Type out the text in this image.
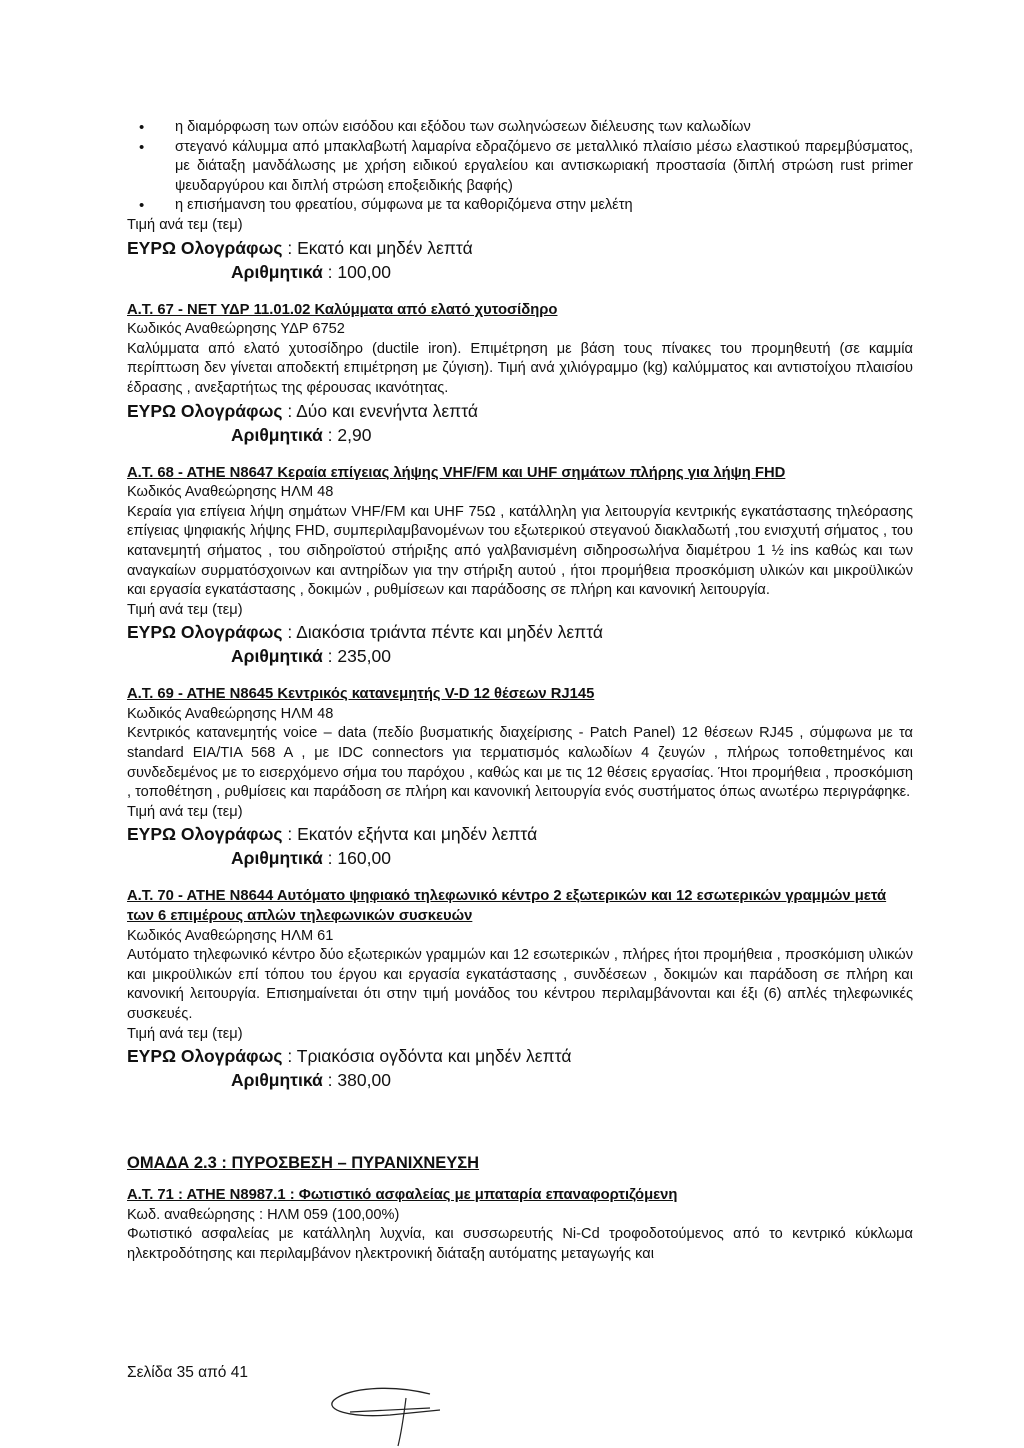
• η διαμόρφωση των οπών εισόδου και εξόδου των σωληνώσεων διέλευσης των καλωδίων
• στεγανό κάλυμμα από μπακλαβωτή λαμαρίνα εδραζόμενο σε μεταλλικό πλαίσιο μέσω ελαστικού παρεμβύσματος, με διάταξη μανδάλωσης με χρήση ειδικού εργαλείου και αντισκωριακή προστασία (διπλή στρώση rust primer ψευδαργύρου και διπλή στρώση εποξειδικής βαφής)
• η επισήμανση του φρεατίου, σύμφωνα με τα καθοριζόμενα στην μελέτη
Τιμή ανά τεμ (τεμ)
ΕΥΡΩ Ολογράφως : Εκατό και μηδέν λεπτά
Αριθμητικά : 100,00
Α.Τ. 67 - ΝΕΤ ΥΔΡ 11.01.02 Καλύμματα από ελατό χυτοσίδηρο
Κωδικός Αναθεώρησης ΥΔΡ 6752
Καλύμματα από ελατό χυτοσίδηρο (ductile iron). Επιμέτρηση με βάση τους πίνακες του προμηθευτή (σε καμμία περίπτωση δεν γίνεται αποδεκτή επιμέτρηση με ζύγιση). Τιμή ανά χιλιόγραμμο (kg) καλύμματος και αντιστοίχου πλαισίου έδρασης , ανεξαρτήτως της φέρουσας ικανότητας.
ΕΥΡΩ Ολογράφως : Δύο και ενενήντα λεπτά
Αριθμητικά : 2,90
Α.Τ. 68 - ΑΤΗΕ Ν8647 Κεραία επίγειας λήψης VHF/FM και UHF σημάτων πλήρης για λήψη FHD
Κωδικός Αναθεώρησης ΗΛΜ 48
Κεραία για επίγεια λήψη σημάτων VHF/FM και UHF 75Ω , κατάλληλη για λειτουργία κεντρικής εγκατάστασης τηλεόρασης επίγειας ψηφιακής λήψης FHD, συμπεριλαμβανομένων του εξωτερικού στεγανού διακλαδωτή ,του ενισχυτή σήματος , του κατανεμητή σήματος , του σιδηροϊστού στήριξης από γαλβανισμένη σιδηροσωλήνα διαμέτρου 1 ½ ins καθώς και των αναγκαίων συρματόσχοινων και αντηρίδων για την στήριξη αυτού , ήτοι προμήθεια προσκόμιση υλικών και μικροϋλικών και εργασία εγκατάστασης , δοκιμών , ρυθμίσεων και παράδοσης σε πλήρη και κανονική λειτουργία.
Τιμή ανά τεμ (τεμ)
ΕΥΡΩ Ολογράφως : Διακόσια τριάντα πέντε και μηδέν λεπτά
Αριθμητικά : 235,00
Α.Τ. 69 - ΑΤΗΕ Ν8645 Κεντρικός κατανεμητής V-D 12 θέσεων RJ145
Κωδικός Αναθεώρησης ΗΛΜ 48
Κεντρικός κατανεμητής voice – data (πεδίο βυσματικής διαχείρισης - Patch Panel) 12 θέσεων RJ45 , σύμφωνα με τα standard EIA/TIA 568 A , με IDC connectors για τερματισμός καλωδίων 4 ζευγών , πλήρως τοποθετημένος και συνδεδεμένος με το εισερχόμενο σήμα του παρόχου , καθώς και με τις 12 θέσεις εργασίας. Ήτοι προμήθεια , προσκόμιση , τοποθέτηση , ρυθμίσεις και παράδοση σε πλήρη και κανονική λειτουργία ενός συστήματος όπως ανωτέρω περιγράφηκε.
Τιμή ανά τεμ (τεμ)
ΕΥΡΩ Ολογράφως : Εκατόν εξήντα και μηδέν λεπτά
Αριθμητικά : 160,00
Α.Τ. 70 - ΑΤΗΕ Ν8644 Αυτόματο ψηφιακό τηλεφωνικό κέντρο 2 εξωτερικών και 12 εσωτερικών γραμμών μετά των 6 επιμέρους απλών τηλεφωνικών συσκευών
Κωδικός Αναθεώρησης ΗΛΜ 61
Αυτόματο τηλεφωνικό κέντρο δύο εξωτερικών γραμμών και 12 εσωτερικών , πλήρες ήτοι προμήθεια , προσκόμιση υλικών και μικροϋλικών επί τόπου του έργου και εργασία εγκατάστασης , συνδέσεων , δοκιμών και παράδοση σε πλήρη και κανονική λειτουργία. Επισημαίνεται ότι στην τιμή μονάδος του κέντρου περιλαμβάνονται και έξι (6) απλές τηλεφωνικές συσκευές.
Τιμή ανά τεμ (τεμ)
ΕΥΡΩ Ολογράφως : Τριακόσια ογδόντα και μηδέν λεπτά
Αριθμητικά : 380,00
ΟΜΑΔΑ 2.3 : ΠΥΡΟΣΒΕΣΗ – ΠΥΡΑΝΙΧΝΕΥΣΗ
Α.Τ. 71 : ΑΤΗΕ Ν8987.1 : Φωτιστικό ασφαλείας με μπαταρία επαναφορτιζόμενη
Κωδ. αναθεώρησης : ΗΛΜ 059 (100,00%)
Φωτιστικό ασφαλείας με κατάλληλη λυχνία, και συσσωρευτής Ni-Cd τροφοδοτούμενος από το κεντρικό κύκλωμα ηλεκτροδότησης και περιλαμβάνον ηλεκτρονική διάταξη αυτόματης μεταγωγής και
Σελίδα 35 από 41
